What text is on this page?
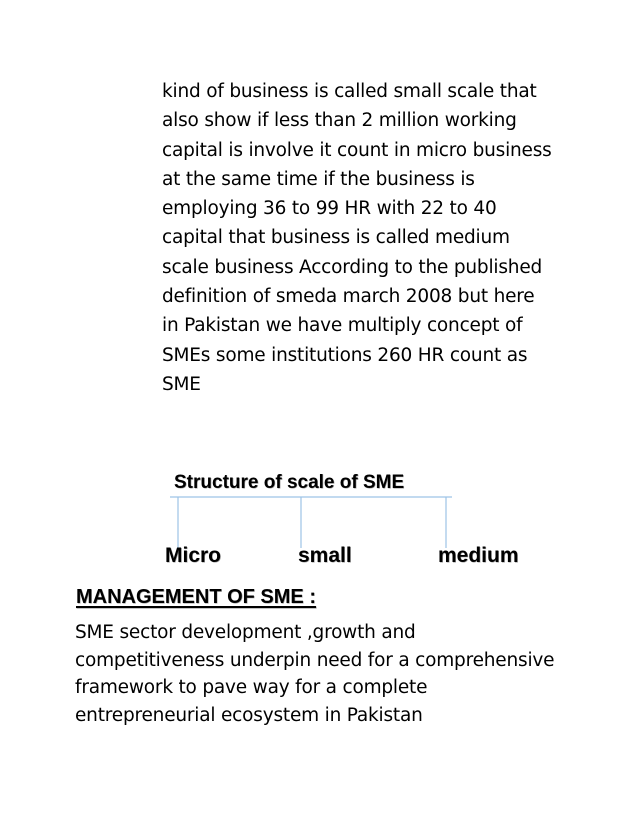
kind of business is called small scale that
also show if less than 2 million working
capital is involve it count in micro business
at the same time if the business is
employing 36 to 99 HR with 22 to 40
capital that business is called medium
scale business According to the published
definition of smeda march 2008 but here
in Pakistan we have multiply concept of
SMEs some institutions 260 HR count as
SME
Structure of scale of SME
Micro	small	medium
MANAGEMENT OF SME :
SME sector development ,growth and
competitiveness underpin need for a comprehensive
framework to pave way for a complete
entrepreneurial ecosystem in Pakistan
